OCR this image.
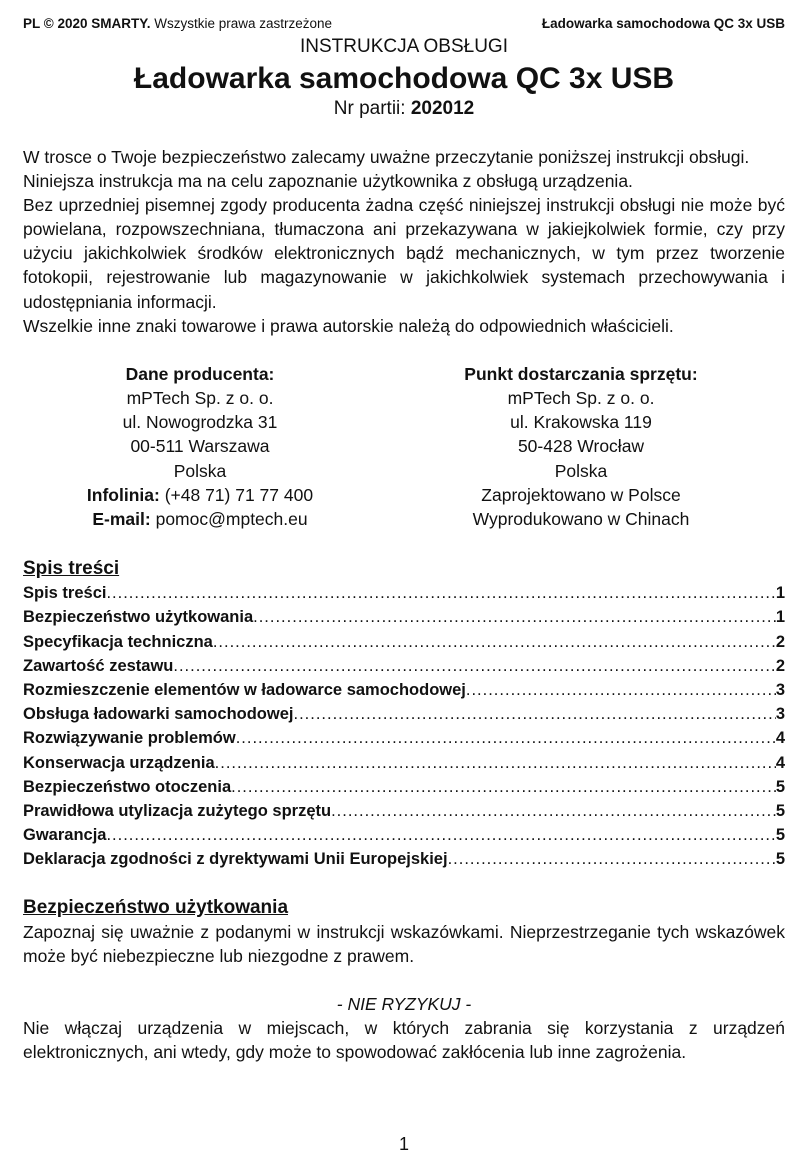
PL © 2020 SMARTY. Wszystkie prawa zastrzeżone	Ładowarka samochodowa QC 3x USB
INSTRUKCJA OBSŁUGI
Ładowarka samochodowa QC 3x USB
Nr partii: 202012

W trosce o Twoje bezpieczeństwo zalecamy uważne przeczytanie poniższej instrukcji obsługi.

Niniejsza instrukcja ma na celu zapoznanie użytkownika z obsługą urządzenia.

Bez uprzedniej pisemnej zgody producenta żadna część niniejszej instrukcji obsługi nie może być powielana, rozpowszechniana, tłumaczona ani przekazywana w jakiejkolwiek formie, czy przy użyciu jakichkolwiek środków elektronicznych bądź mechanicznych, w tym przez tworzenie fotokopii, rejestrowanie lub magazynowanie w jakichkolwiek systemach przechowywania i udostępniania informacji.

Wszelkie inne znaki towarowe i prawa autorskie należą do odpowiednich właścicieli.

Dane producenta:
mPTech Sp. z o. o.
ul. Nowogrodzka 31
00-511 Warszawa
Polska
Infolinia: (+48 71) 71 77 400
E-mail: pomoc@mptech.eu
Punkt dostarczania sprzętu:
mPTech Sp. z o. o.
ul. Krakowska 119
50-428 Wrocław
Polska
Zaprojektowano w Polsce
Wyprodukowano w Chinach
Spis treści
Spis treści .....	1
Bezpieczeństwo użytkowania .....	1
Specyfikacja techniczna .....	2
Zawartość zestawu .....	2
Rozmieszczenie elementów w ładowarce samochodowej .....	3
Obsługa ładowarki samochodowej .....	3
Rozwiązywanie problemów .....	4
Konserwacja urządzenia .....	4
Bezpieczeństwo otoczenia .....	5
Prawidłowa utylizacja zużytego sprzętu .....	5
Gwarancja .....	5
Deklaracja zgodności z dyrektywami Unii Europejskiej .....	5
Bezpieczeństwo użytkowania

Zapoznaj się uważnie z podanymi w instrukcji wskazówkami. Nieprzestrzeganie tych wskazówek może być niebezpieczne lub niezgodne z prawem.

- NIE RYZYKUJ -

Nie włączaj urządzenia w miejscach, w których zabrania się korzystania z urządzeń elektronicznych, ani wtedy, gdy może to spowodować zakłócenia lub inne zagrożenia.

1
